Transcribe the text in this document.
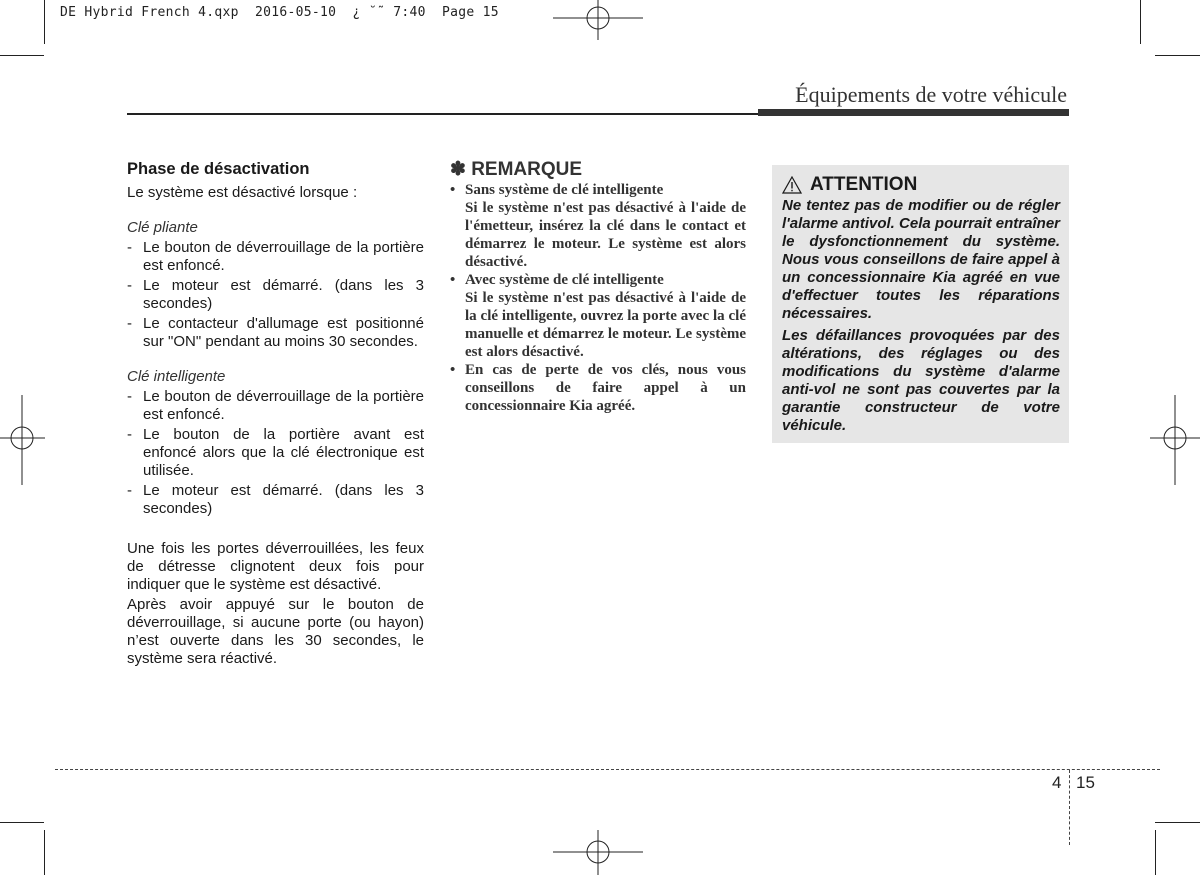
DE Hybrid French 4.qxp  2016-05-10  ¿ ˘˜ 7:40  Page 15
Équipements de votre véhicule
Phase de désactivation

Le système est désactivé lorsque :

Clé pliante

- Le bouton de déverrouillage de la portière est enfoncé.
- Le moteur est démarré. (dans les 3 secondes)
- Le contacteur d'allumage est positionné sur "ON" pendant au moins 30 secondes.

Clé intelligente

- Le bouton de déverrouillage de la portière est enfoncé.
- Le bouton de la portière avant est enfoncé alors que la clé électronique est utilisée.
- Le moteur est démarré. (dans les 3 secondes)

Une fois les portes déverrouillées, les feux de détresse clignotent deux fois pour indiquer que le système est désactivé.

Après avoir appuyé sur le bouton de déverrouillage, si aucune porte (ou hayon) n’est ouverte dans les 30 secondes, le système sera réactivé.

✽ REMARQUE
• Sans système de clé intelligente
Si le système n'est pas désactivé à l'aide de l'émetteur, insérez la clé dans le contact et démarrez le moteur. Le système est alors désactivé.
• Avec système de clé intelligente
Si le système n'est pas désactivé à l'aide de la clé intelligente, ouvrez la porte avec la clé manuelle et démarrez le moteur. Le système est alors désactivé.
• En cas de perte de vos clés, nous vous conseillons de faire appel à un concessionnaire Kia agréé.
ATTENTION

Ne tentez pas de modifier ou de régler l'alarme antivol. Cela pourrait entraîner le dysfonctionnement du système. Nous vous conseillons de faire appel à un concessionnaire Kia agréé en vue d'effectuer toutes les réparations nécessaires.

Les défaillances provoquées par des altérations, des réglages ou des modifications du système d'alarme anti-vol ne sont pas couvertes par la garantie constructeur de votre véhicule.

4 15
